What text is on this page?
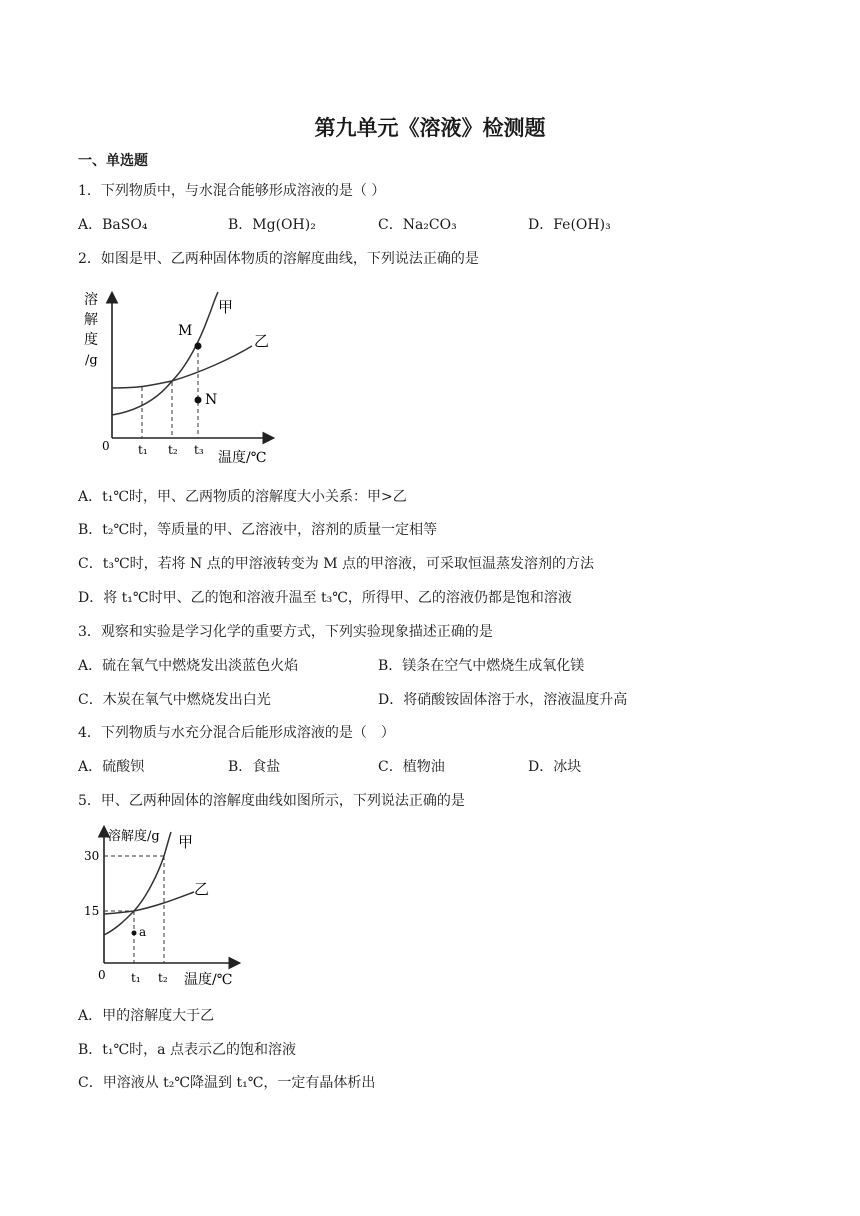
第九单元《溶液》检测题
一、单选题
1．下列物质中，与水混合能够形成溶液的是（ ）
A．BaSO₄	B．Mg(OH)₂	C．Na₂CO₃	D．Fe(OH)₃
2．如图是甲、乙两种固体物质的溶解度曲线，下列说法正确的是
溶
解
度
/g
0 t₁ t₂ t₃ 温度/℃
M
N
甲
乙
A．t₁℃时，甲、乙两物质的溶解度大小关系：甲>乙
B．t₂℃时，等质量的甲、乙溶液中，溶剂的质量一定相等
C．t₃℃时，若将 N 点的甲溶液转变为 M 点的甲溶液，可采取恒温蒸发溶剂的方法
D．将 t₁℃时甲、乙的饱和溶液升温至 t₃℃，所得甲、乙的溶液仍都是饱和溶液
3．观察和实验是学习化学的重要方式，下列实验现象描述正确的是
A．硫在氧气中燃烧发出淡蓝色火焰	B．镁条在空气中燃烧生成氧化镁
C．木炭在氧气中燃烧发出白光	D．将硝酸铵固体溶于水，溶液温度升高
4．下列物质与水充分混合后能形成溶液的是（　）
A．硫酸钡	B．食盐	C．植物油	D．冰块
5．甲、乙两种固体的溶解度曲线如图所示，下列说法正确的是
溶解度/g 甲
乙
30
15
0 t₁ t₂ 温度/℃
a
A．甲的溶解度大于乙
B．t₁℃时，a 点表示乙的饱和溶液
C．甲溶液从 t₂℃降温到 t₁℃，一定有晶体析出
